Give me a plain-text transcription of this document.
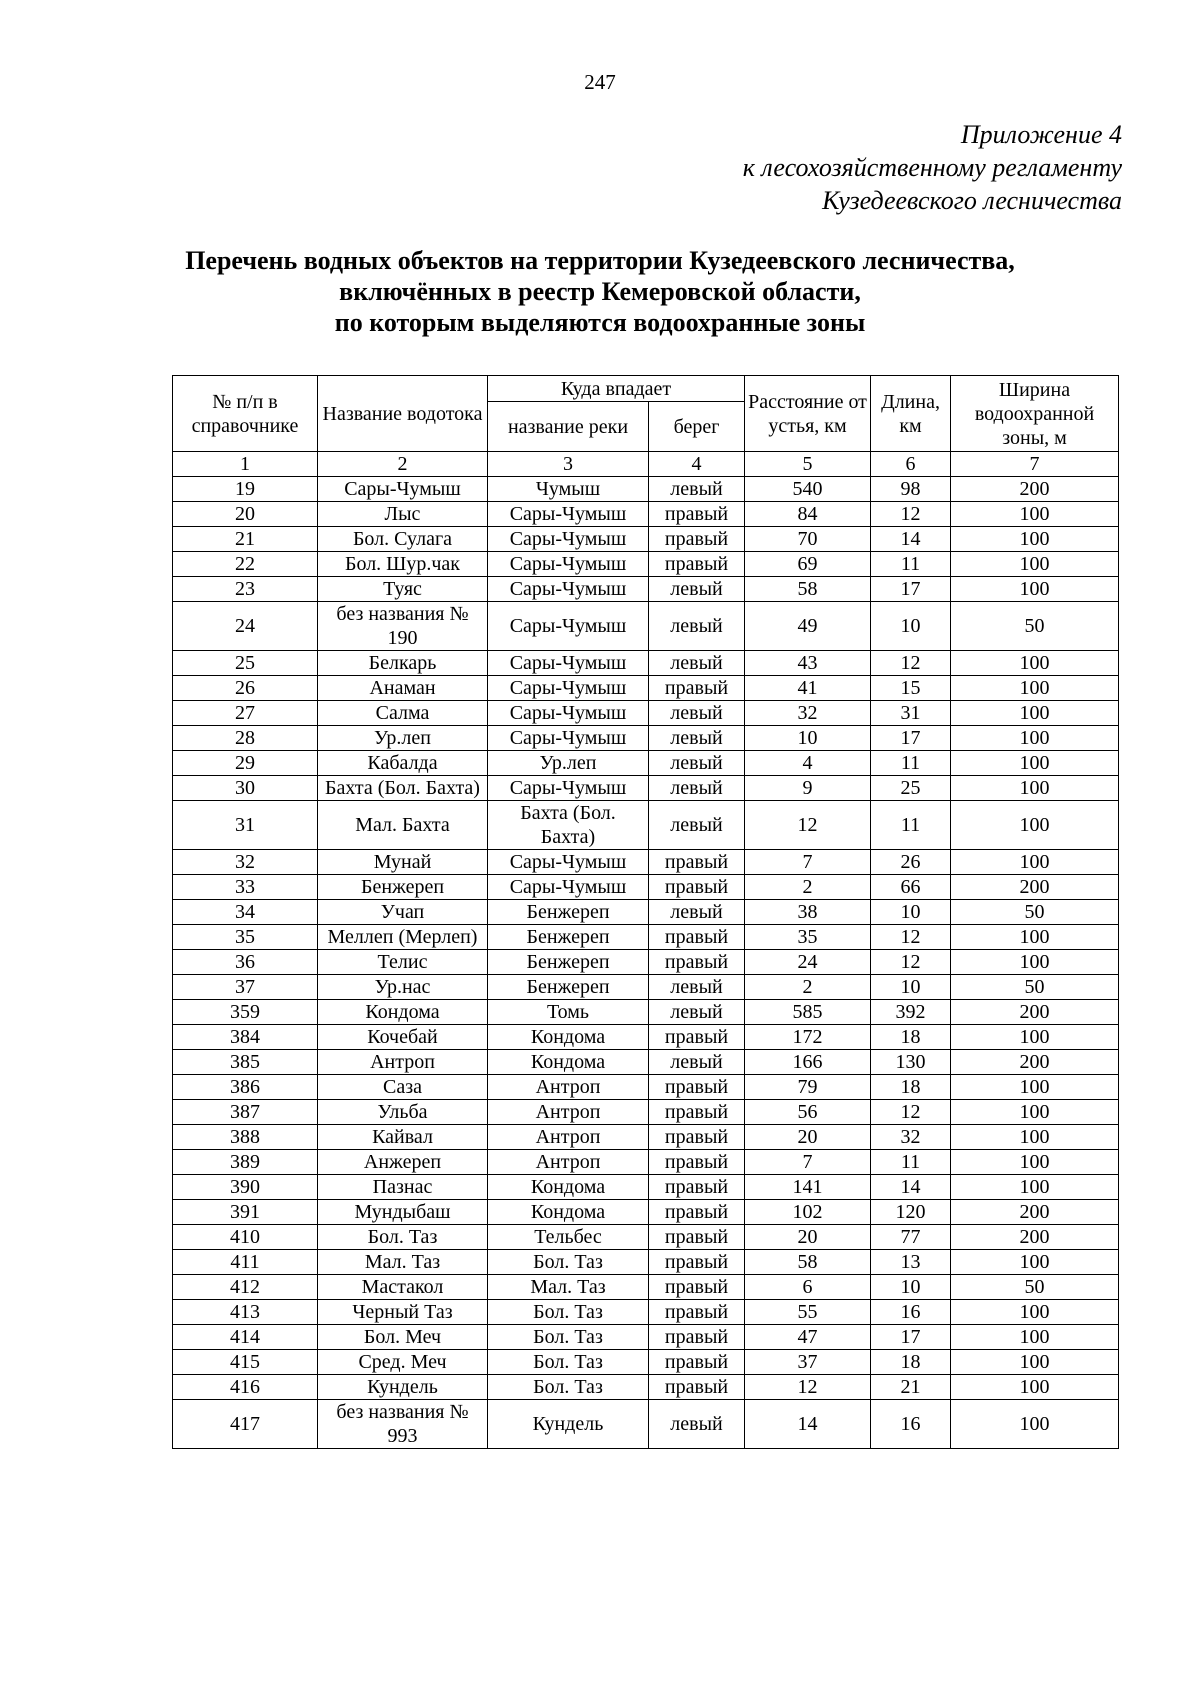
247
Приложение 4
к лесохозяйственному регламенту
Кузедеевского лесничества
Перечень водных объектов на территории Кузедеевского лесничества,
включённых в реестр Кемеровской области,
по которым выделяются водоохранные зоны
№ п/п в справочнике	Название водотока	Куда впадает		Расстояние от устья, км	Длина, км	Ширина водоохранной зоны, м
		название реки	берег			
1	2	3	4	5	6	7
19	Сары-Чумыш	Чумыш	левый	540	98	200
20	Лыс	Сары-Чумыш	правый	84	12	100
21	Бол. Сулага	Сары-Чумыш	правый	70	14	100
22	Бол. Шур.чак	Сары-Чумыш	правый	69	11	100
23	Туяс	Сары-Чумыш	левый	58	17	100
24	без названия № 190	Сары-Чумыш	левый	49	10	50
25	Белкарь	Сары-Чумыш	левый	43	12	100
26	Анаман	Сары-Чумыш	правый	41	15	100
27	Салма	Сары-Чумыш	левый	32	31	100
28	Ур.леп	Сары-Чумыш	левый	10	17	100
29	Кабалда	Ур.леп	левый	4	11	100
30	Бахта (Бол. Бахта)	Сары-Чумыш	левый	9	25	100
31	Мал. Бахта	Бахта (Бол. Бахта)	левый	12	11	100
32	Мунай	Сары-Чумыш	правый	7	26	100
33	Бенжереп	Сары-Чумыш	правый	2	66	200
34	Учап	Бенжереп	левый	38	10	50
35	Меллеп (Мерлеп)	Бенжереп	правый	35	12	100
36	Телис	Бенжереп	правый	24	12	100
37	Ур.нас	Бенжереп	левый	2	10	50
359	Кондома	Томь	левый	585	392	200
384	Кочебай	Кондома	правый	172	18	100
385	Антроп	Кондома	левый	166	130	200
386	Саза	Антроп	правый	79	18	100
387	Ульба	Антроп	правый	56	12	100
388	Кайвал	Антроп	правый	20	32	100
389	Анжереп	Антроп	правый	7	11	100
390	Пазнас	Кондома	правый	141	14	100
391	Мундыбаш	Кондома	правый	102	120	200
410	Бол. Таз	Тельбес	правый	20	77	200
411	Мал. Таз	Бол. Таз	правый	58	13	100
412	Мастакол	Мал. Таз	правый	6	10	50
413	Черный Таз	Бол. Таз	правый	55	16	100
414	Бол. Меч	Бол. Таз	правый	47	17	100
415	Сред. Меч	Бол. Таз	правый	37	18	100
416	Кундель	Бол. Таз	правый	12	21	100
417	без названия № 993	Кундель	левый	14	16	100
